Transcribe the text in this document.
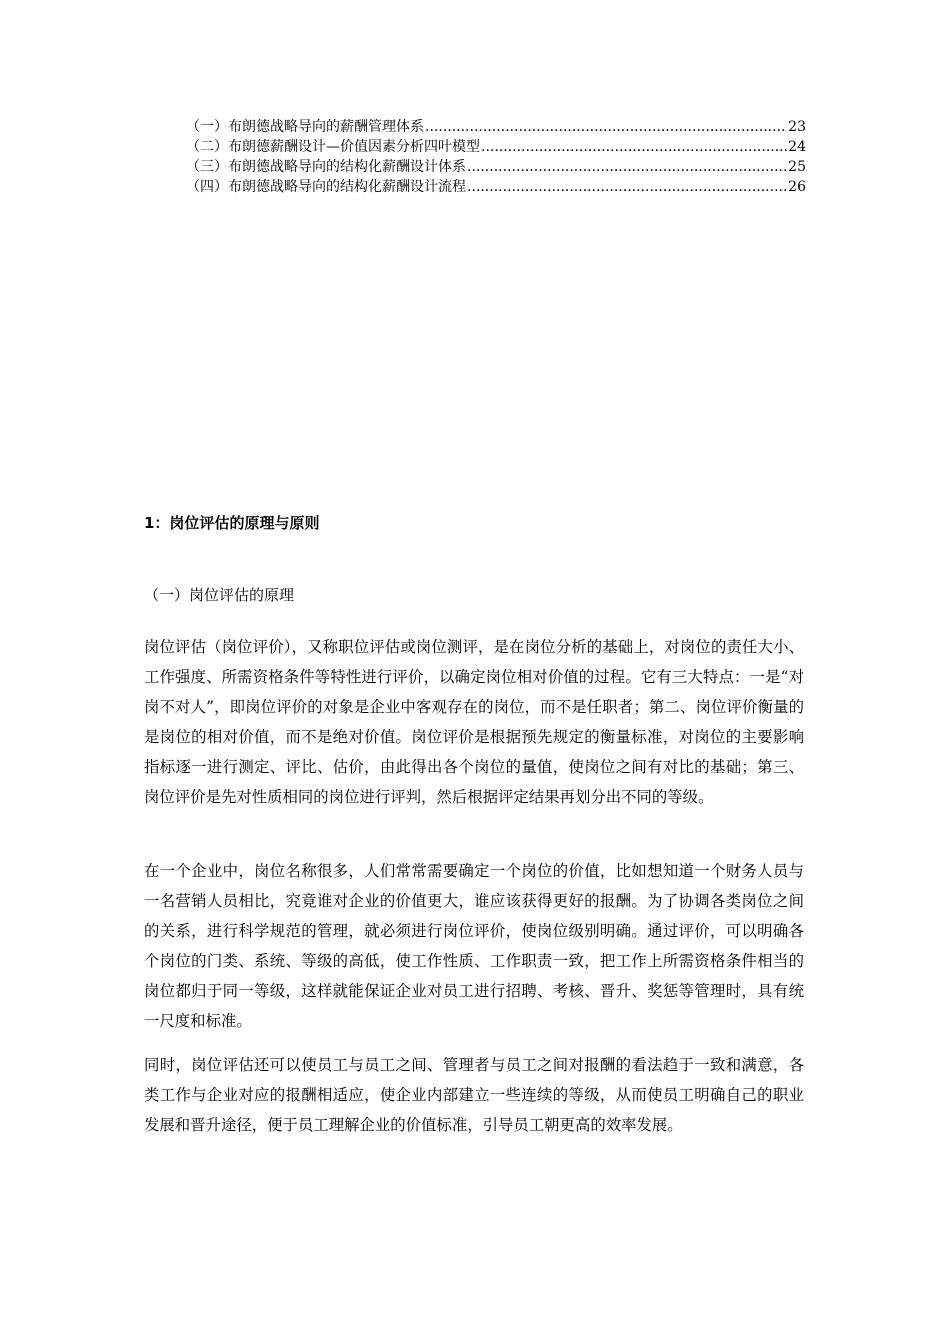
（一）布朗德战略导向的薪酬管理体系 .....	23
（二）布朗德薪酬设计—价值因素分析四叶模型 .....	24
（三）布朗德战略导向的结构化薪酬设计体系 .....	25
（四）布朗德战略导向的结构化薪酬设计流程 .....	26
1：岗位评估的原理与原则
（一）岗位评估的原理

岗位评估（岗位评价），又称职位评估或岗位测评，是在岗位分析的基础上，对岗位的责任大小、工作强度、所需资格条件等特性进行评价，以确定岗位相对价值的过程。它有三大特点：一是“对岗不对人”，即岗位评价的对象是企业中客观存在的岗位，而不是任职者；第二、岗位评价衡量的是岗位的相对价值，而不是绝对价值。岗位评价是根据预先规定的衡量标准，对岗位的主要影响指标逐一进行测定、评比、估价，由此得出各个岗位的量值，使岗位之间有对比的基础；第三、岗位评价是先对性质相同的岗位进行评判，然后根据评定结果再划分出不同的等级。

在一个企业中，岗位名称很多，人们常常需要确定一个岗位的价值，比如想知道一个财务人员与一名营销人员相比，究竟谁对企业的价值更大，谁应该获得更好的报酬。为了协调各类岗位之间的关系，进行科学规范的管理，就必须进行岗位评价，使岗位级别明确。通过评价，可以明确各个岗位的门类、系统、等级的高低，使工作性质、工作职责一致，把工作上所需资格条件相当的岗位都归于同一等级，这样就能保证企业对员工进行招聘、考核、晋升、奖惩等管理时，具有统一尺度和标准。

同时，岗位评估还可以使员工与员工之间、管理者与员工之间对报酬的看法趋于一致和满意，各类工作与企业对应的报酬相适应，使企业内部建立一些连续的等级，从而使员工明确自己的职业发展和晋升途径，便于员工理解企业的价值标准，引导员工朝更高的效率发展。
